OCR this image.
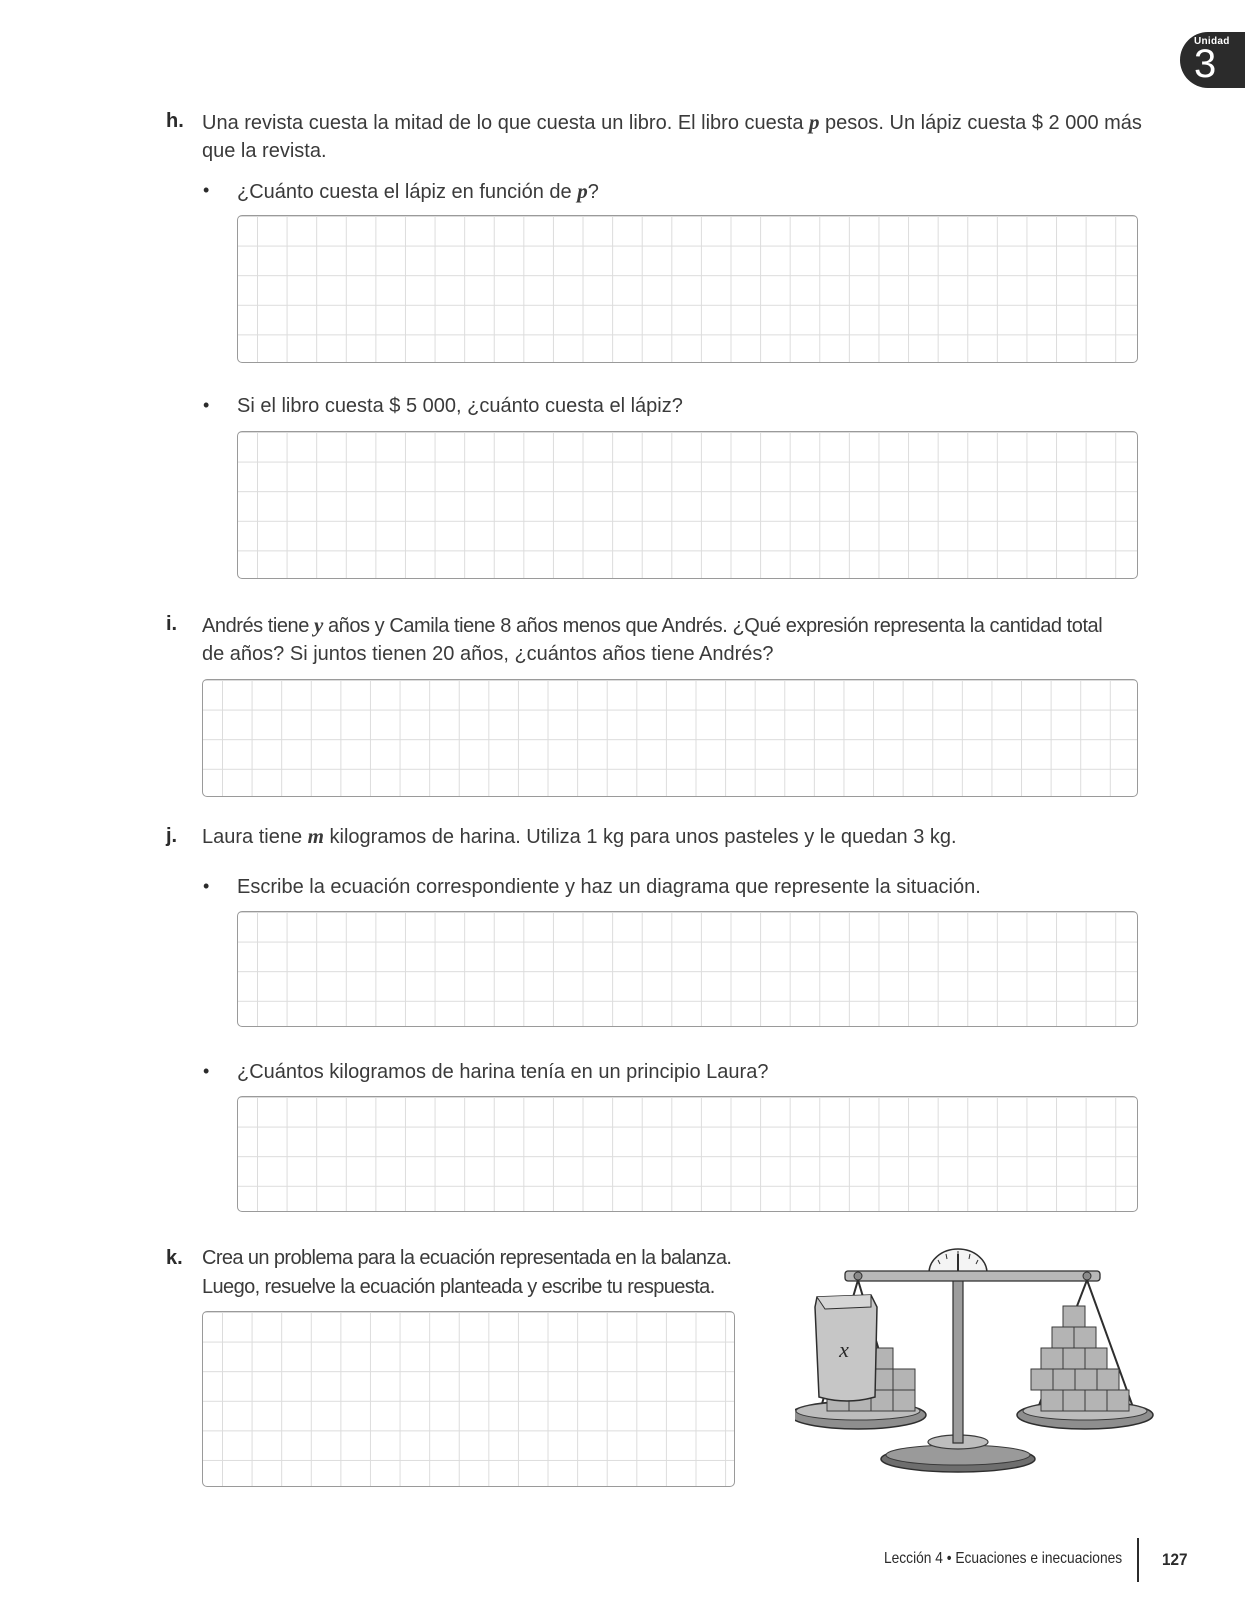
Unidad
3
h. Una revista cuesta la mitad de lo que cuesta un libro. El libro cuesta p pesos. Un lápiz cuesta $ 2 000 más
que la revista.
• ¿Cuánto cuesta el lápiz en función de p?
• Si el libro cuesta $ 5 000, ¿cuánto cuesta el lápiz?
i. Andrés tiene y años y Camila tiene 8 años menos que Andrés. ¿Qué expresión representa la cantidad total
de años? Si juntos tienen 20 años, ¿cuántos años tiene Andrés?
j. Laura tiene m kilogramos de harina. Utiliza 1 kg para unos pasteles y le quedan 3 kg.
• Escribe la ecuación correspondiente y haz un diagrama que represente la situación.
• ¿Cuántos kilogramos de harina tenía en un principio Laura?
k. Crea un problema para la ecuación representada en la balanza.
Luego, resuelve la ecuación planteada y escribe tu respuesta.
x
Lección 4 • Ecuaciones e inecuaciones 127
